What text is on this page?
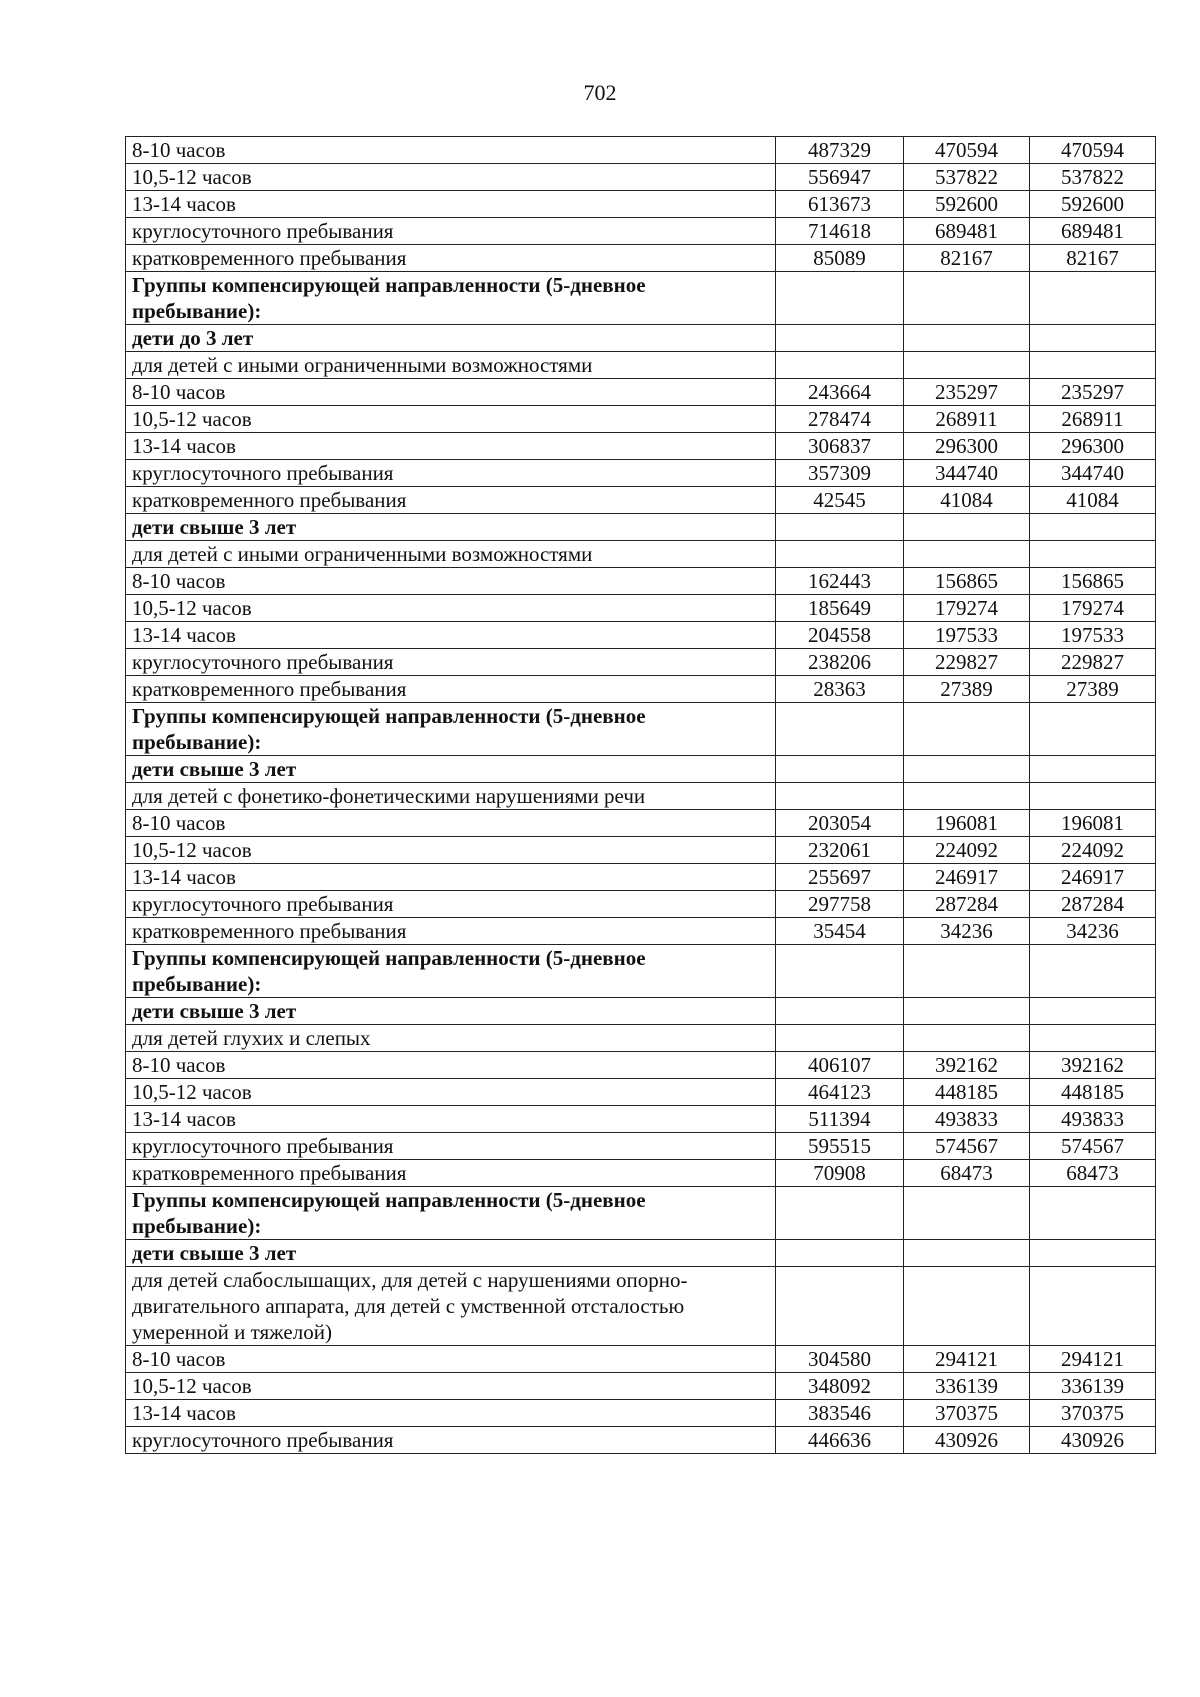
702
8-10 часов	487329	470594	470594
10,5-12 часов	556947	537822	537822
13-14 часов	613673	592600	592600
круглосуточного пребывания	714618	689481	689481
кратковременного пребывания	85089	82167	82167
Группы компенсирующей направленности (5-дневное пребывание):			
дети до 3 лет			
для детей с иными ограниченными возможностями			
8-10 часов	243664	235297	235297
10,5-12 часов	278474	268911	268911
13-14 часов	306837	296300	296300
круглосуточного пребывания	357309	344740	344740
кратковременного пребывания	42545	41084	41084
дети свыше 3 лет			
для детей с иными ограниченными возможностями			
8-10 часов	162443	156865	156865
10,5-12 часов	185649	179274	179274
13-14 часов	204558	197533	197533
круглосуточного пребывания	238206	229827	229827
кратковременного пребывания	28363	27389	27389
Группы компенсирующей направленности (5-дневное пребывание):			
дети свыше 3 лет			
для детей с фонетико-фонетическими нарушениями речи			
8-10 часов	203054	196081	196081
10,5-12 часов	232061	224092	224092
13-14 часов	255697	246917	246917
круглосуточного пребывания	297758	287284	287284
кратковременного пребывания	35454	34236	34236
Группы компенсирующей направленности (5-дневное пребывание):			
дети свыше 3 лет			
для детей глухих и слепых			
8-10 часов	406107	392162	392162
10,5-12 часов	464123	448185	448185
13-14 часов	511394	493833	493833
круглосуточного пребывания	595515	574567	574567
кратковременного пребывания	70908	68473	68473
Группы компенсирующей направленности (5-дневное пребывание):			
дети свыше 3 лет			
для детей слабослышащих, для детей с нарушениями опорно-двигательного аппарата, для детей с умственной отсталостью умеренной и тяжелой)			
8-10 часов	304580	294121	294121
10,5-12 часов	348092	336139	336139
13-14 часов	383546	370375	370375
круглосуточного пребывания	446636	430926	430926
